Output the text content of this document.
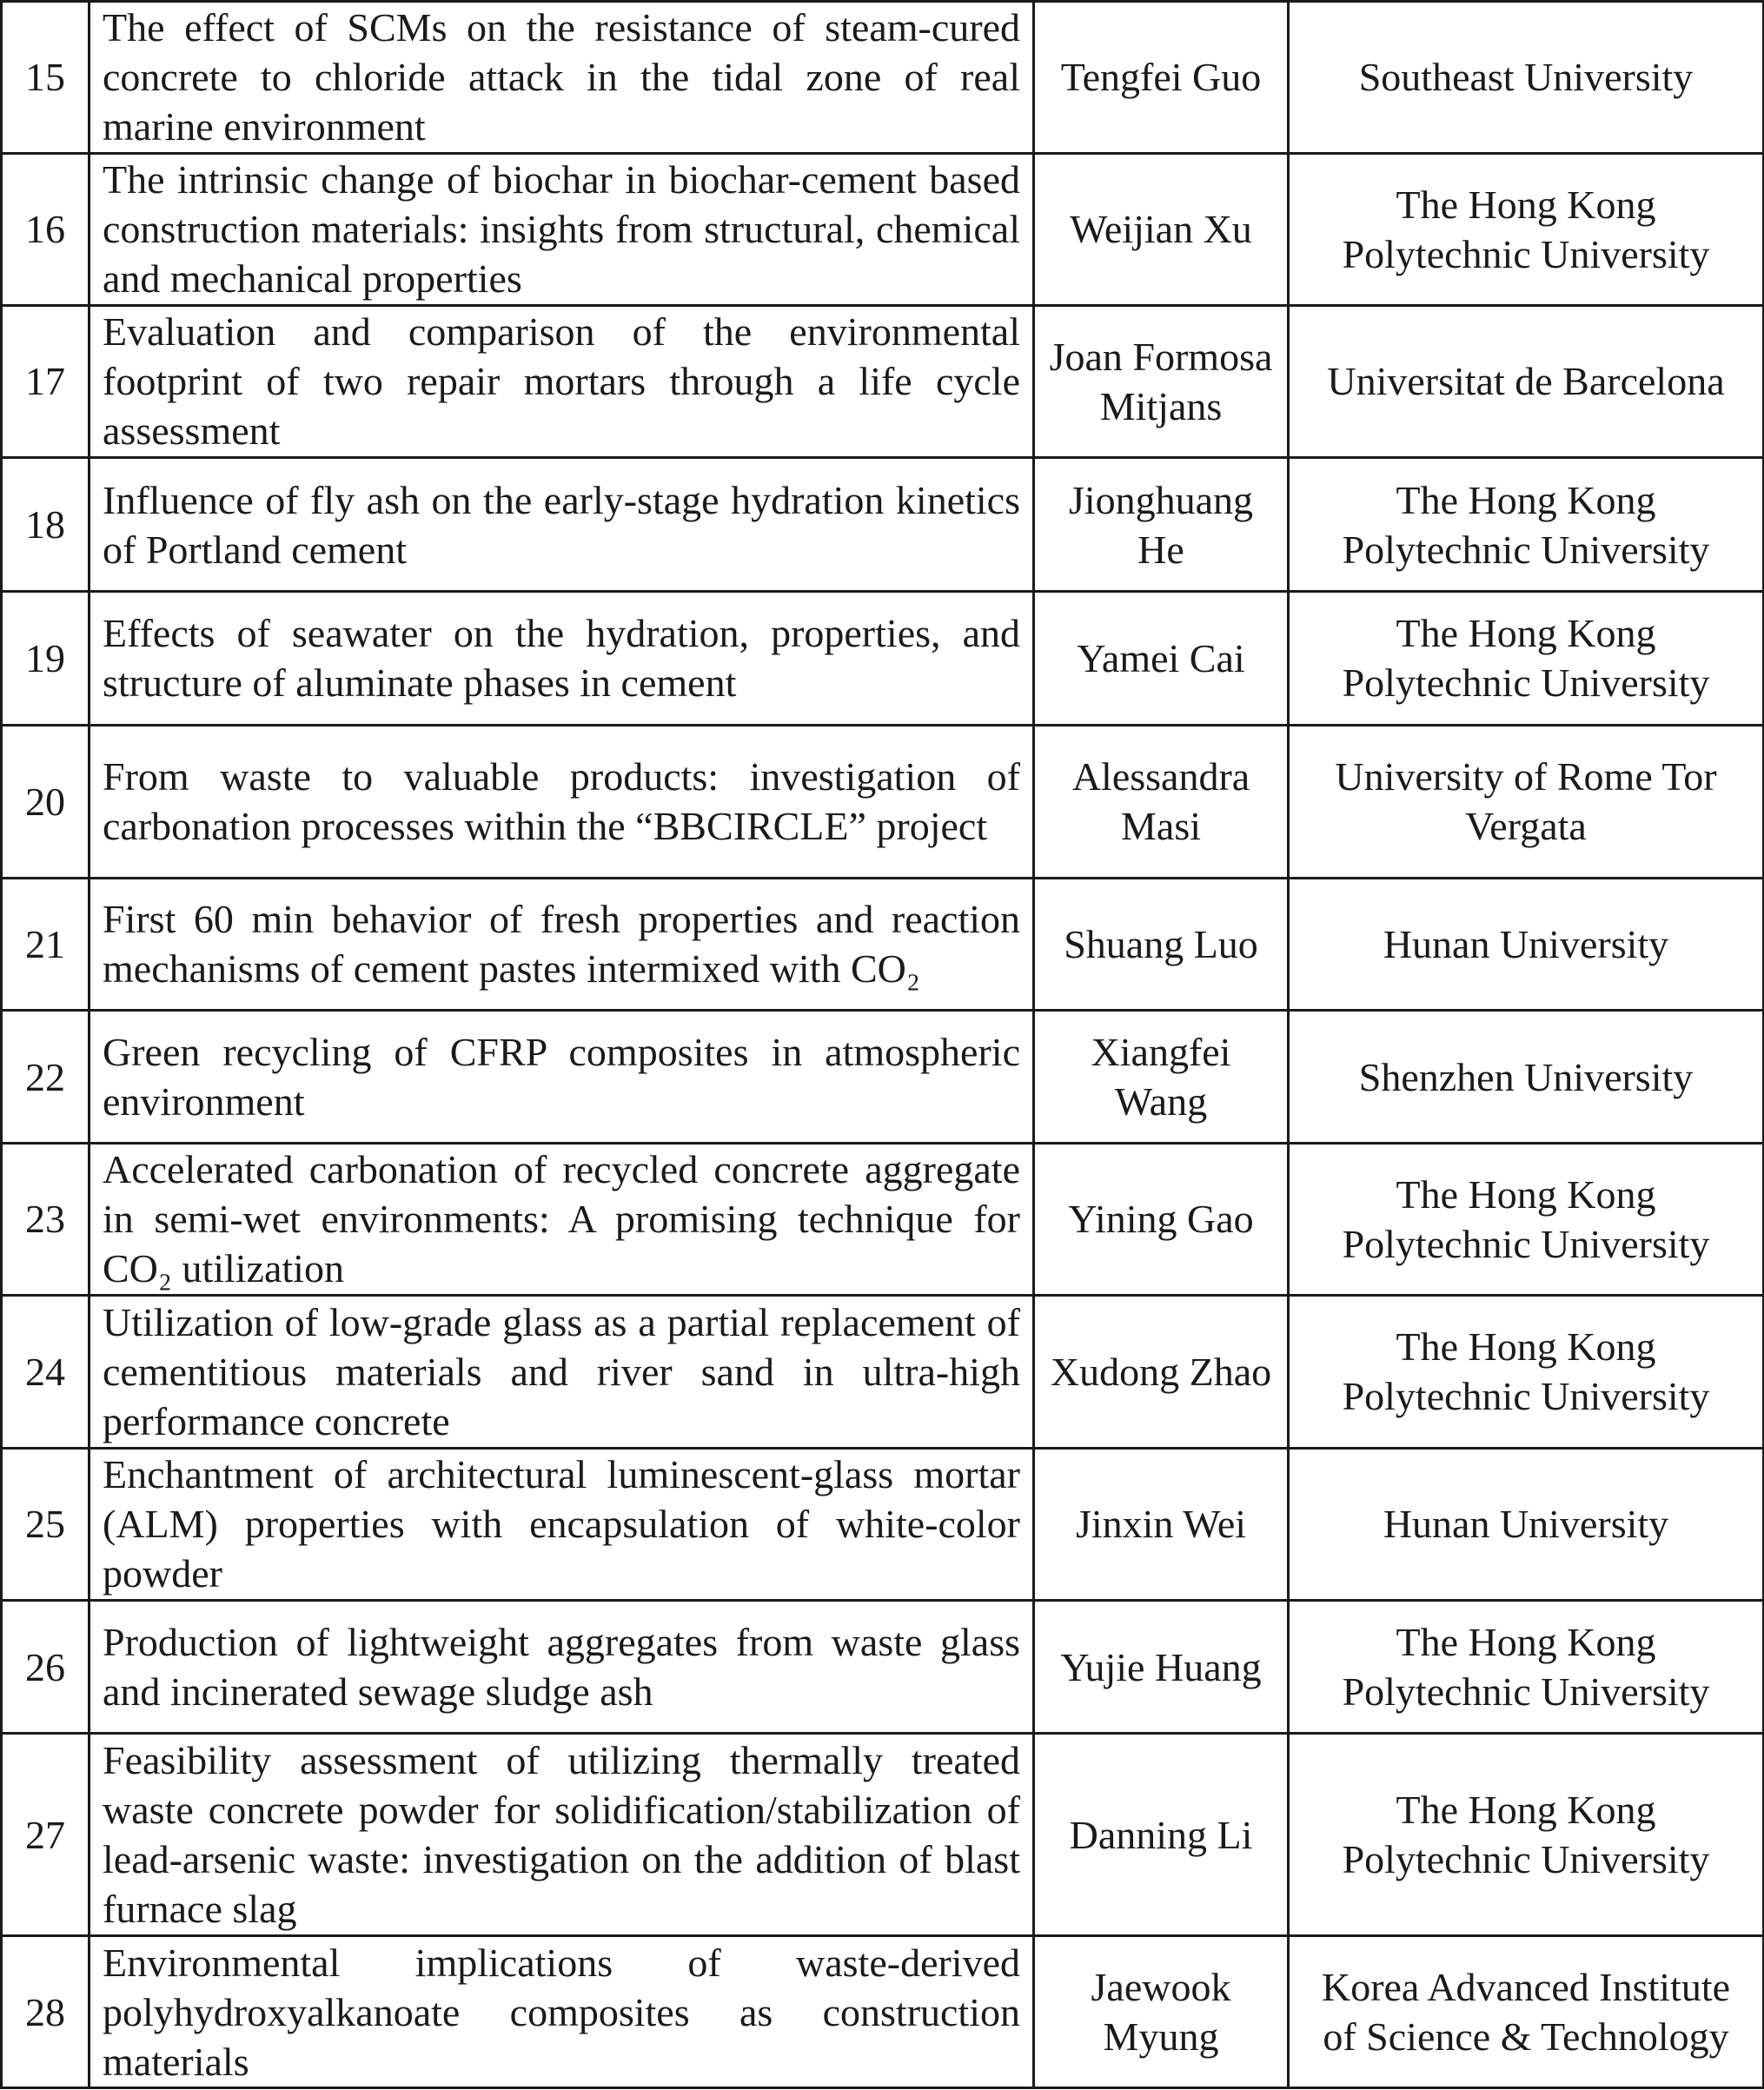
15	The effect of SCMs on the resistance of steam-cured concrete to chloride attack in the tidal zone of real marine environment	Tengfei Guo	Southeast University
16	The intrinsic change of biochar in biochar-cement based construction materials: insights from structural, chemical and mechanical properties	Weijian Xu	The Hong Kong Polytechnic University
17	Evaluation and comparison of the environmental footprint of two repair mortars through a life cycle assessment	Joan Formosa Mitjans	Universitat de Barcelona
18	Influence of fly ash on the early-stage hydration kinetics of Portland cement	Jionghuang He	The Hong Kong Polytechnic University
19	Effects of seawater on the hydration, properties, and structure of aluminate phases in cement	Yamei Cai	The Hong Kong Polytechnic University
20	From waste to valuable products: investigation of carbonation processes within the “BBCIRCLE” project	Alessandra Masi	University of Rome Tor Vergata
21	First 60 min behavior of fresh properties and reaction mechanisms of cement pastes intermixed with CO₂	Shuang Luo	Hunan University
22	Green recycling of CFRP composites in atmospheric environment	Xiangfei Wang	Shenzhen University
23	Accelerated carbonation of recycled concrete aggregate in semi-wet environments: A promising technique for CO₂ utilization	Yining Gao	The Hong Kong Polytechnic University
24	Utilization of low-grade glass as a partial replacement of cementitious materials and river sand in ultra-high performance concrete	Xudong Zhao	The Hong Kong Polytechnic University
25	Enchantment of architectural luminescent-glass mortar (ALM) properties with encapsulation of white-color powder	Jinxin Wei	Hunan University
26	Production of lightweight aggregates from waste glass and incinerated sewage sludge ash	Yujie Huang	The Hong Kong Polytechnic University
27	Feasibility assessment of utilizing thermally treated waste concrete powder for solidification/stabilization of lead-arsenic waste: investigation on the addition of blast furnace slag	Danning Li	The Hong Kong Polytechnic University
28	Environmental implications of waste-derived polyhydroxyalkanoate composites as construction materials	Jaewook Myung	Korea Advanced Institute of Science & Technology
